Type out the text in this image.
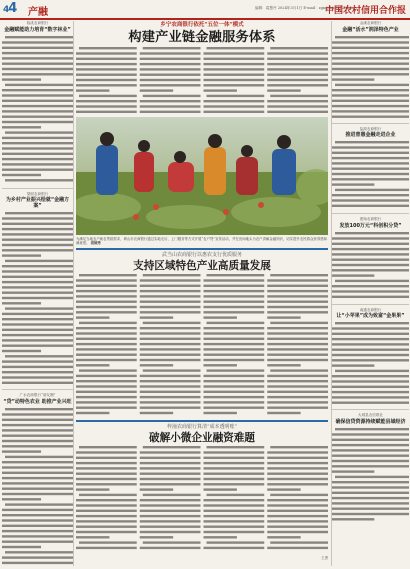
44 产融	编辑：葛慧丹 2024年3月1日 E-mail：zgncjrbs@163.com
中国农村信用合作报
临洮农商银行
金融赋能助力培育“数字林业”
梨树农商银行
为乡村产业振兴绘就“金融方案”
广水农商银行“朋友圈”
“贷”动特色农业 助推产业兴旺
乡宁农商银行依托“五位一体”模式
构建产业链金融服务体系
为满足当地农户助农贷款需求，黄山市农商银行通过实地走访、上门服务等方式开展“农户贷”宣传活动，并在田间地头为农户讲解金融知识，切实提升农民群众获得感和满意度。 胡婉秀
武当山农商银行以惠农支行优质服务
支持区域特色产业高质量发展
梓潼农商银行算清“成本透明账”
破解小微企业融资难题
王勇
金溪农商银行
金融“活水”润泽特色产业
盐源农商银行
推进普惠金融走进企业
建始农商银行
发放100万元“科创积分贷”
南通农商银行
让“小苹果”成为致富“金果果”
大城县农信联社
确保信贷资源持续赋能县域经济
